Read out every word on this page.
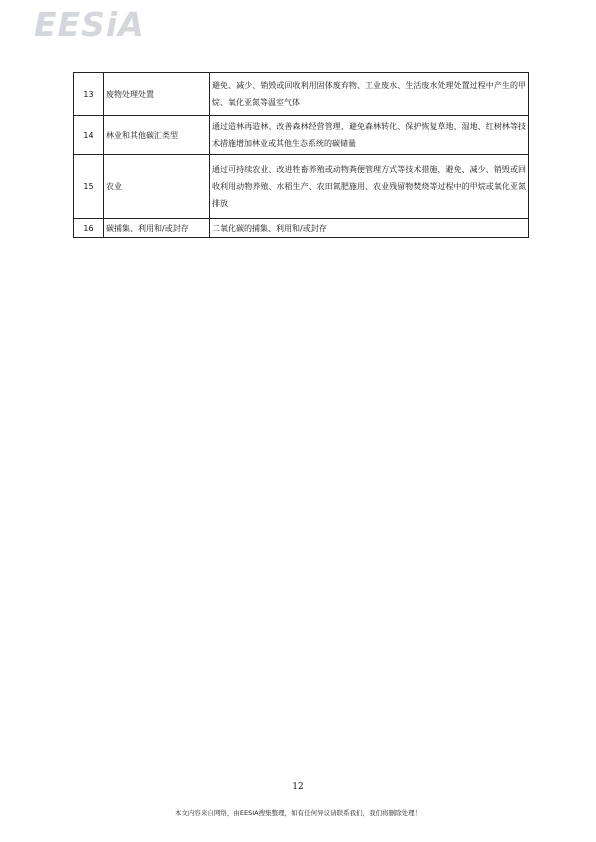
EESiA
13	废物处理处置	避免、减少、销毁或回收利用固体废弃物、工业废水、生活废水处理处置过程中产生的甲烷、氧化亚氮等温室气体
14	林业和其他碳汇类型	通过造林再造林、改善森林经营管理、避免森林转化、保护恢复草地、湿地、红树林等技术措施增加林业或其他生态系统的碳储量
15	农业	通过可持续农业、改进牲畜养殖或动物粪便管理方式等技术措施，避免、减少、销毁或回收利用动物养殖、水稻生产、农田氮肥施用、农业残留物焚烧等过程中的甲烷或氧化亚氮排放
16	碳捕集、利用和/或封存	二氧化碳的捕集、利用和/或封存
12
本文内容来自网络，由EESIA搜集整理，如有任何异议请联系我们，我们将删除处理！
